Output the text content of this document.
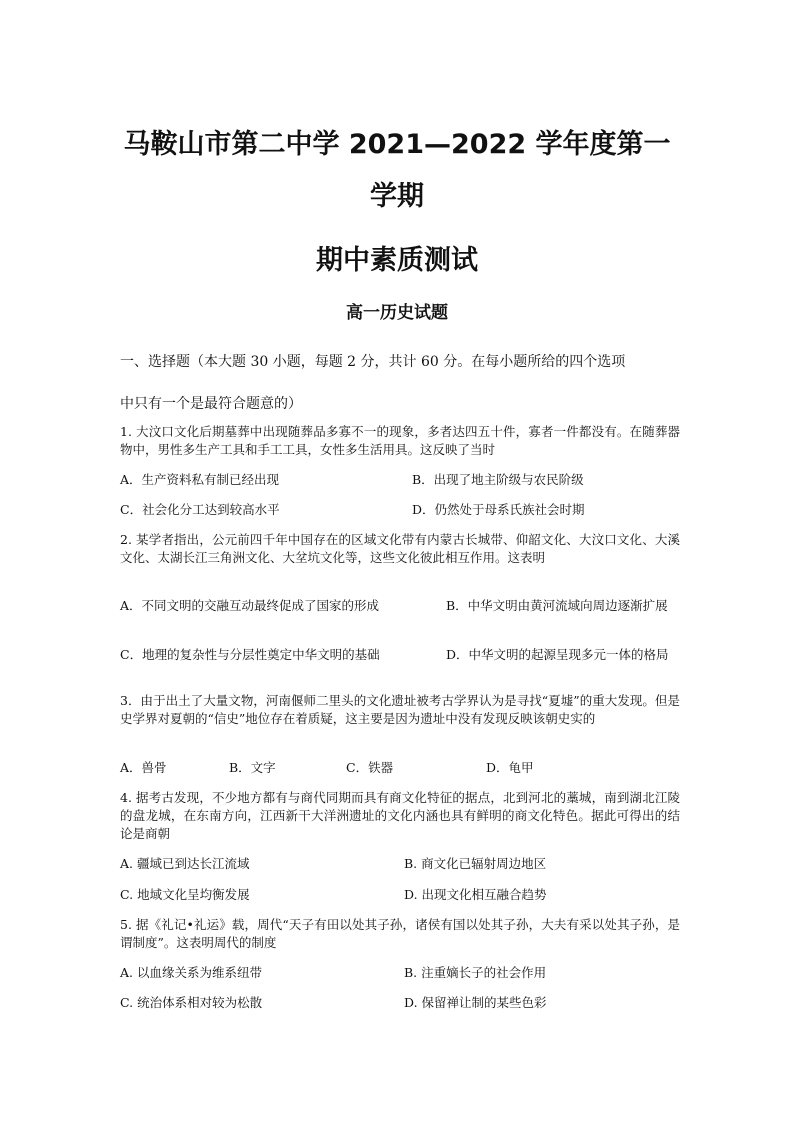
马鞍山市第二中学 2021—2022 学年度第一
学期
期中素质测试
高一历史试题
一、选择题（本大题 30 小题，每题 2 分，共计 60 分。在每小题所给的四个选项
中只有一个是最符合题意的）
1. 大汶口文化后期墓葬中出现随葬品多寡不一的现象，多者达四五十件，寡者一件都没有。在随葬器物中，男性多生产工具和手工工具，女性多生活用具。这反映了当时
A．生产资料私有制已经出现	B．出现了地主阶级与农民阶级
C．社会化分工达到较高水平	D．仍然处于母系氏族社会时期
2. 某学者指出，公元前四千年中国存在的区域文化带有内蒙古长城带、仰韶文化、大汶口文化、大溪文化、太湖长江三角洲文化、大坌坑文化等，这些文化彼此相互作用。这表明
A．不同文明的交融互动最终促成了国家的形成	B．中华文明由黄河流域向周边逐渐扩展
C．地理的复杂性与分层性奠定中华文明的基础	D．中华文明的起源呈现多元一体的格局
3．由于出土了大量文物，河南偃师二里头的文化遗址被考古学界认为是寻找“夏墟”的重大发现。但是史学界对夏朝的“信史”地位存在着质疑，这主要是因为遗址中没有发现反映该朝史实的
A．兽骨	B．文字	C．铁器	D．龟甲
4. 据考古发现，不少地方都有与商代同期而具有商文化特征的据点，北到河北的藁城，南到湖北江陵的盘龙城，在东南方向，江西新干大洋洲遗址的文化内涵也具有鲜明的商文化特色。据此可得出的结论是商朝
A. 疆域已到达长江流域	B. 商文化已辐射周边地区
C. 地域文化呈均衡发展	D. 出现文化相互融合趋势
5. 据《礼记•礼运》载，周代“天子有田以处其子孙，诸侯有国以处其子孙，大夫有采以处其子孙，是谓制度”。这表明周代的制度
A. 以血缘关系为维系纽带	B. 注重嫡长子的社会作用
C. 统治体系相对较为松散	D. 保留禅让制的某些色彩
